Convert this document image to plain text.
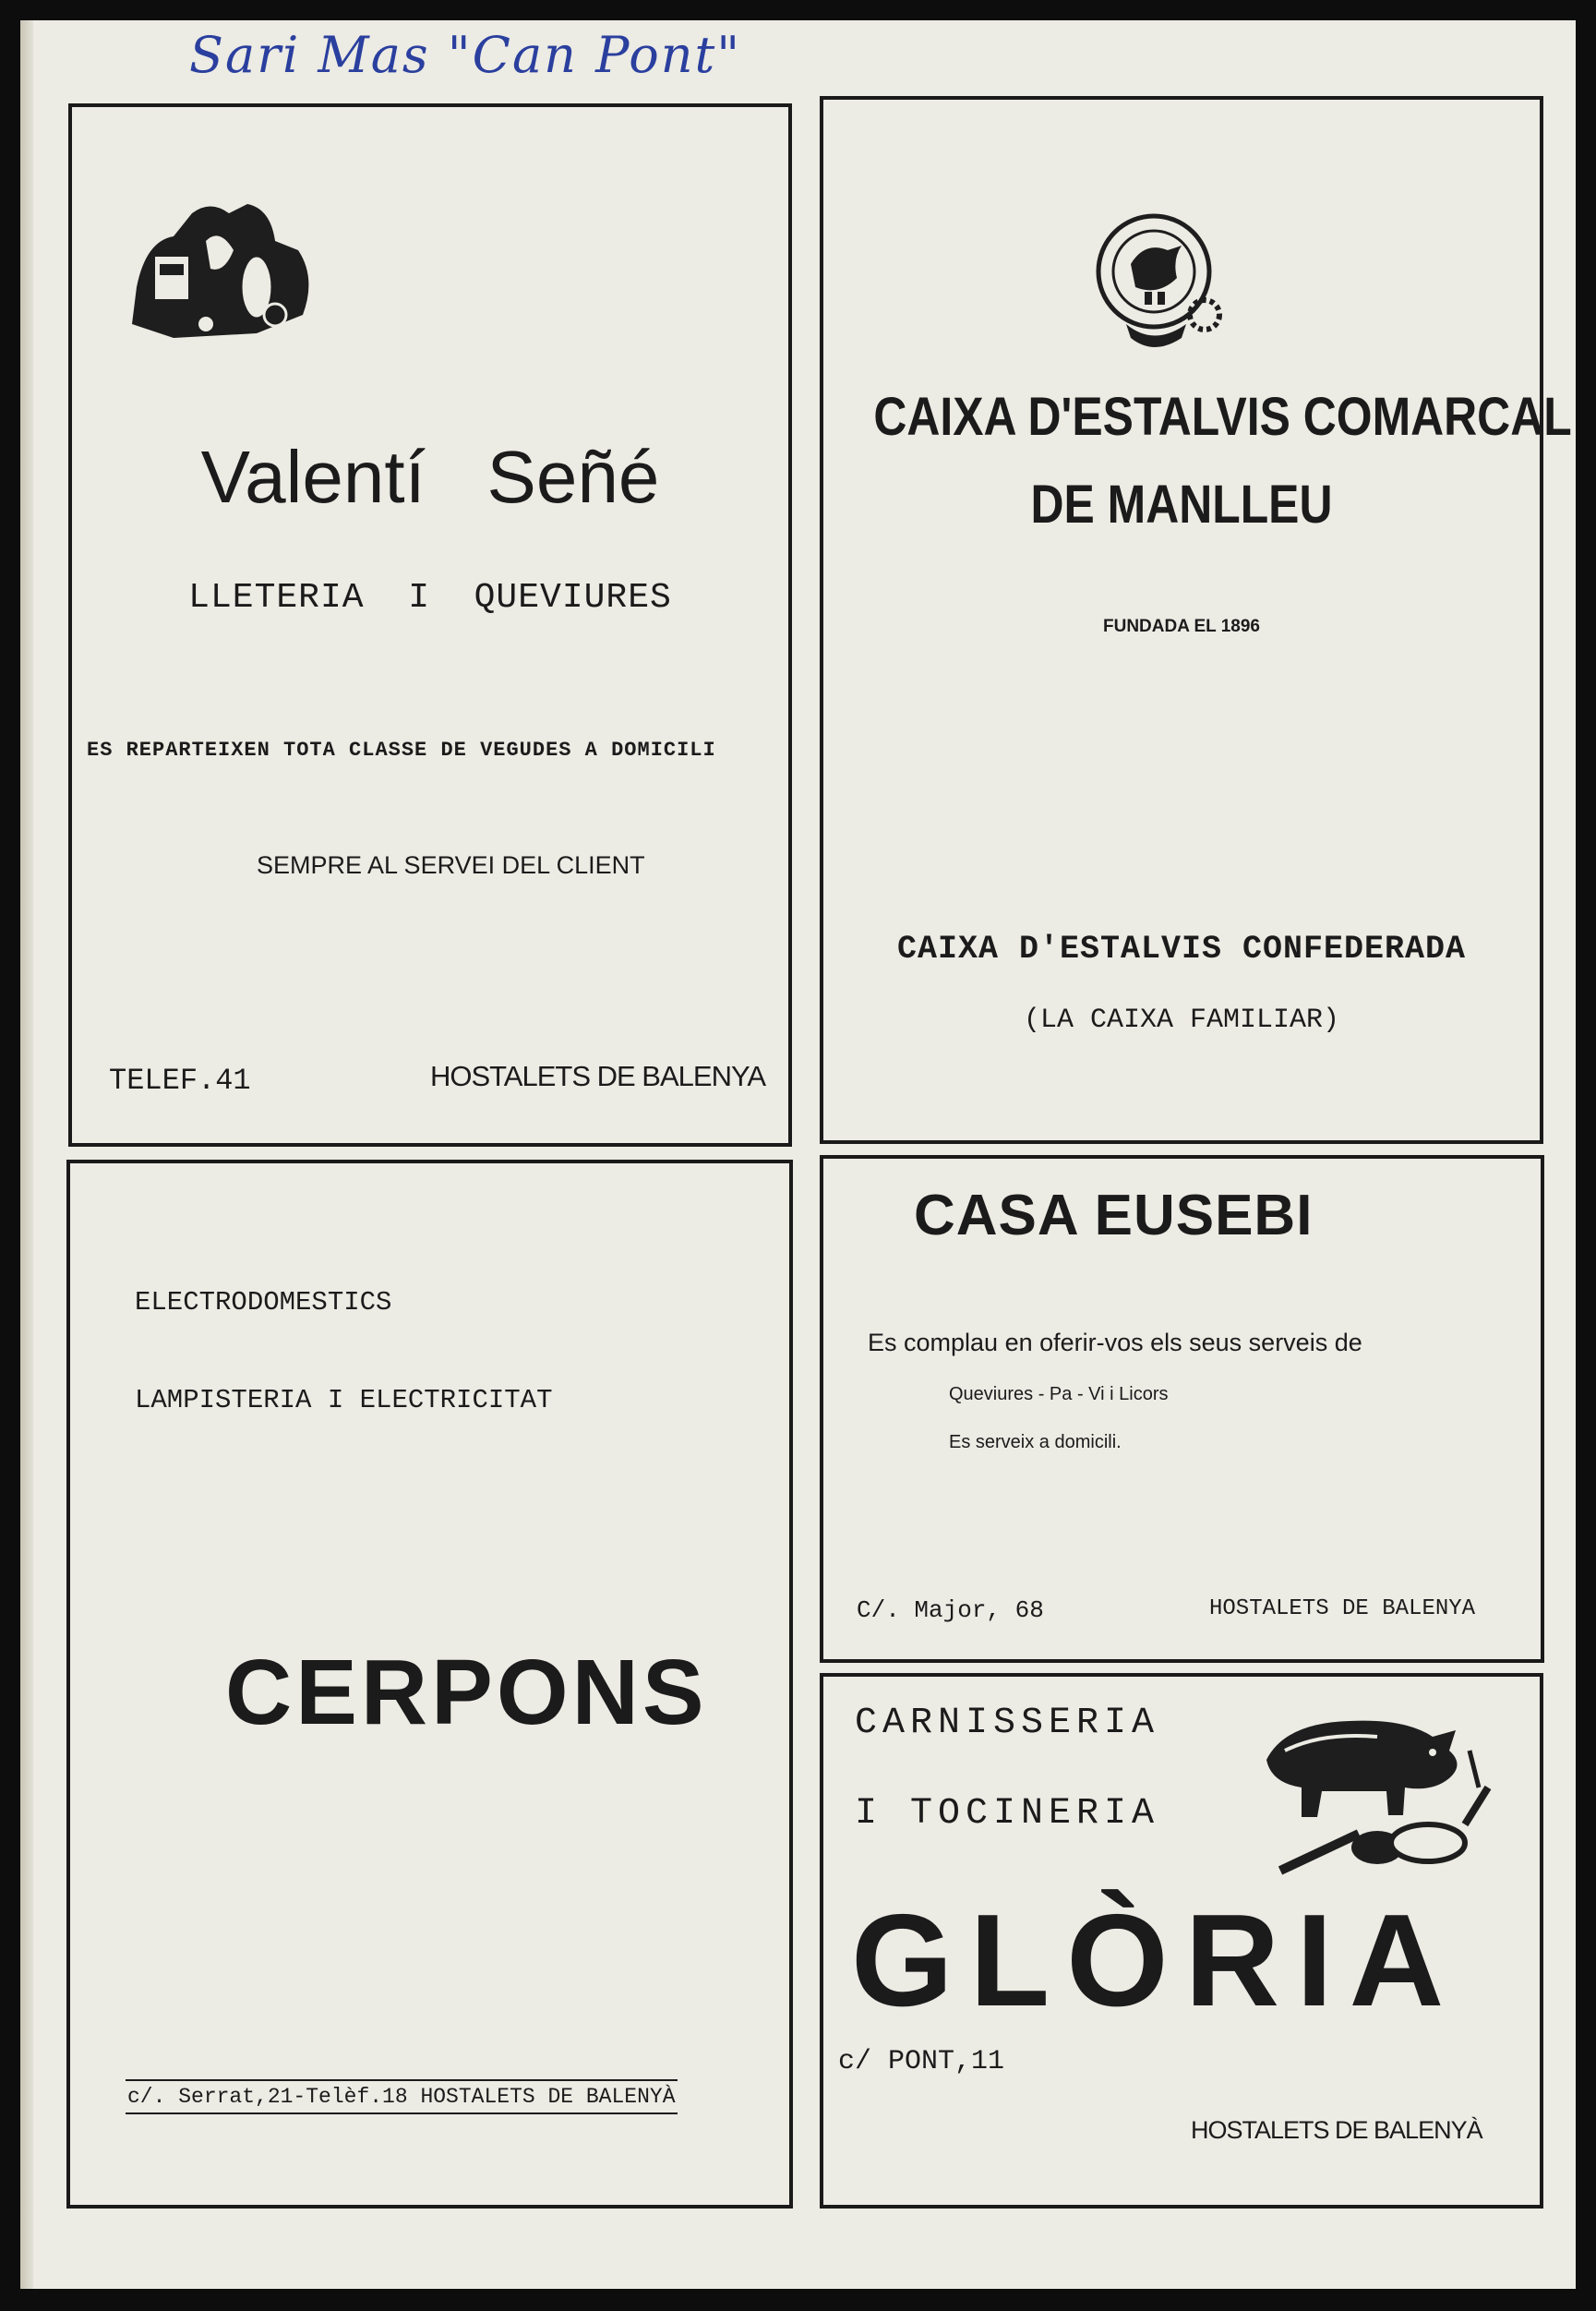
Sari Mas "Can Pont"
Valentí   Señé
LLETERIA  I  QUEVIURES
ES REPARTEIXEN TOTA CLASSE DE VEGUDES A DOMICILI
SEMPRE AL SERVEI DEL CLIENT
TELEF.41	HOSTALETS DE BALENYA
CAIXA D'ESTALVIS COMARCAL
DE MANLLEU
FUNDADA EL 1896
CAIXA D'ESTALVIS CONFEDERADA
(LA CAIXA FAMILIAR)
ELECTRODOMESTICS
LAMPISTERIA I ELECTRICITAT
CERPONS
c/. Serrat,21-Telèf.18 HOSTALETS DE BALENYÀ
CASA EUSEBI
Es complau en oferir-vos els seus serveis de
Queviures - Pa - Vi i Licors
Es serveix a domicili.
C/. Major, 68	HOSTALETS DE BALENYA
CARNISSERIA
I TOCINERIA
GLÒRIA
c/ PONT,11
HOSTALETS DE BALENYÀ
